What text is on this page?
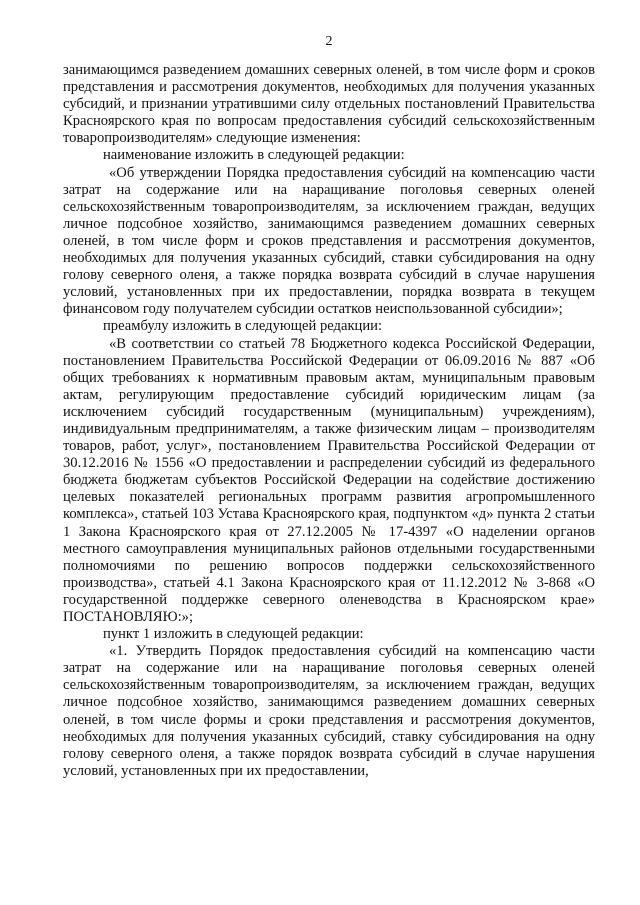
2

занимающимся разведением домашних северных оленей, в том числе форм и сроков представления и рассмотрения документов, необходимых для получения указанных субсидий, и признании утратившими силу отдельных постановлений Правительства Красноярского края по вопросам предоставления субсидий сельскохозяйственным товаропроизводителям» следующие изменения:

наименование изложить в следующей редакции:

«Об утверждении Порядка предоставления субсидий на компенсацию части затрат на содержание или на наращивание поголовья северных оленей сельскохозяйственным товаропроизводителям, за исключением граждан, ведущих личное подсобное хозяйство, занимающимся разведением домашних северных оленей, в том числе форм и сроков представления и рассмотрения документов, необходимых для получения указанных субсидий, ставки субсидирования на одну голову северного оленя, а также порядка возврата субсидий в случае нарушения условий, установленных при их предоставлении, порядка возврата в текущем финансовом году получателем субсидии остатков неиспользованной субсидии»;

преамбулу изложить в следующей редакции:

«В соответствии со статьей 78 Бюджетного кодекса Российской Федерации, постановлением Правительства Российской Федерации от 06.09.2016 № 887 «Об общих требованиях к нормативным правовым актам, муниципальным правовым актам, регулирующим предоставление субсидий юридическим лицам (за исключением субсидий государственным (муниципальным) учреждениям), индивидуальным предпринимателям, а также физическим лицам – производителям товаров, работ, услуг», постановлением Правительства Российской Федерации от 30.12.2016 № 1556 «О предоставлении и распределении субсидий из федерального бюджета бюджетам субъектов Российской Федерации на содействие достижению целевых показателей региональных программ развития агропромышленного комплекса», статьей 103 Устава Красноярского края, подпунктом «д» пункта 2 статьи 1 Закона Красноярского края от 27.12.2005 № 17-4397 «О наделении органов местного самоуправления муниципальных районов отдельными государственными полномочиями по решению вопросов поддержки сельскохозяйственного производства», статьей 4.1 Закона Красноярского края от 11.12.2012 № 3-868 «О государственной поддержке северного оленеводства в Красноярском крае» ПОСТАНОВЛЯЮ:»;

пункт 1 изложить в следующей редакции:

«1. Утвердить Порядок предоставления субсидий на компенсацию части затрат на содержание или на наращивание поголовья северных оленей сельскохозяйственным товаропроизводителям, за исключением граждан, ведущих личное подсобное хозяйство, занимающимся разведением домашних северных оленей, в том числе формы и сроки представления и рассмотрения документов, необходимых для получения указанных субсидий, ставку субсидирования на одну голову северного оленя, а также порядок возврата субсидий в случае нарушения условий, установленных при их предоставлении,
